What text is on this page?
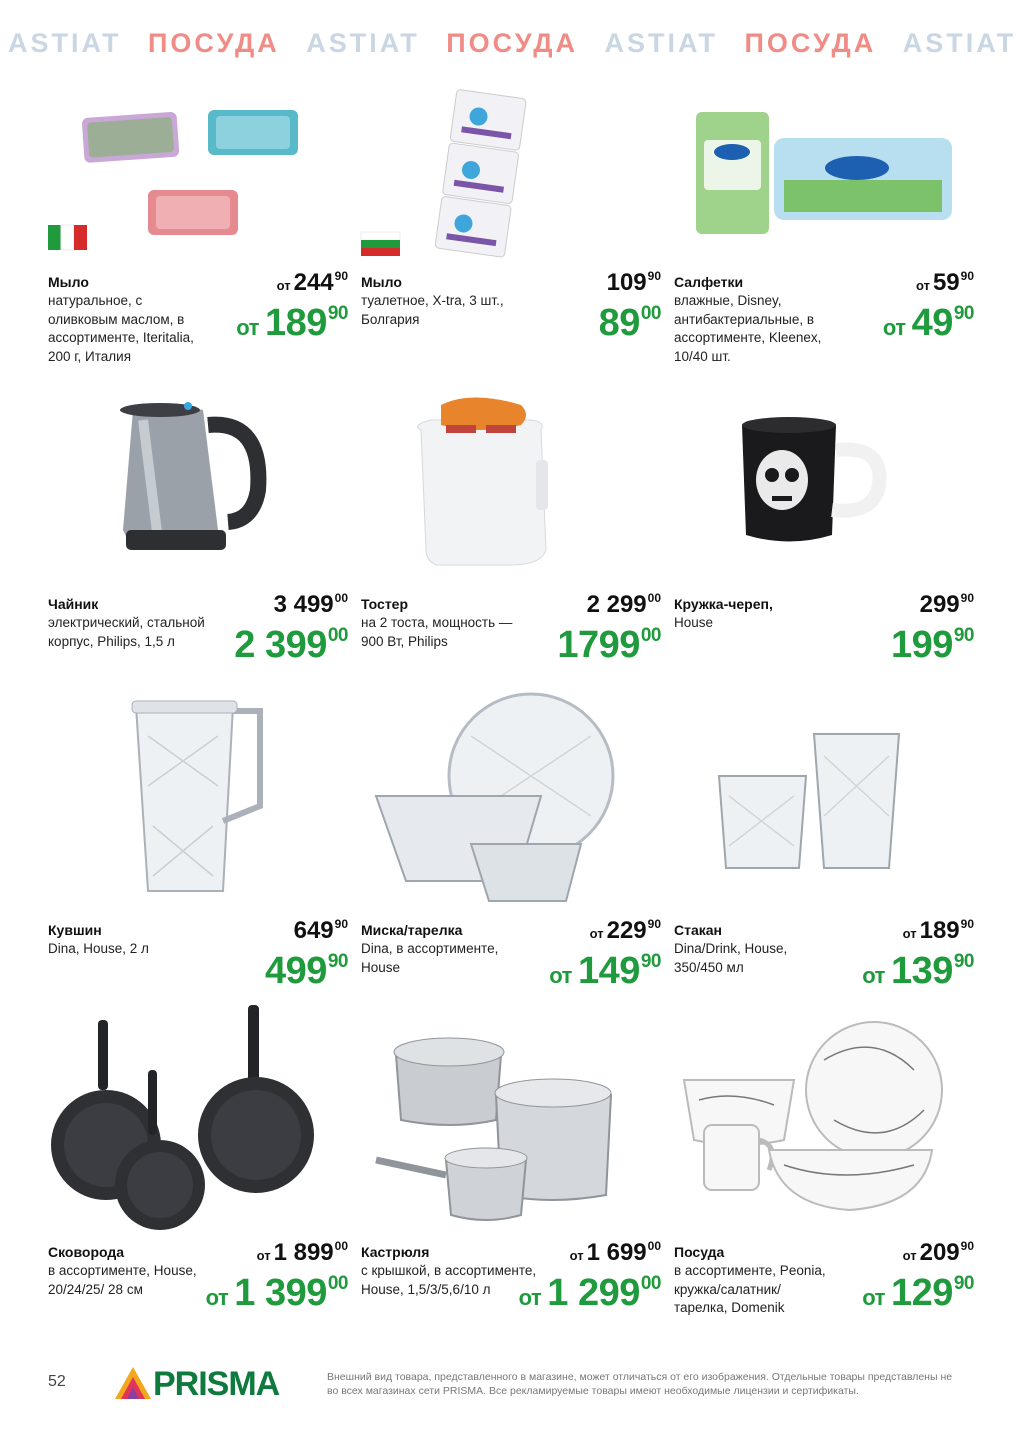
ASTIAT ПОСУДА ASTIAT ПОСУДА ASTIAT ПОСУДА ASTIAT
Мыло
натуральное, с оливковым маслом, в ассортименте, Iteritalia, 200 г, Италия
от $244^{90}$
от $189^{90}$
Мыло
туалетное, X-tra, 3 шт., Болгария
$109^{90}$
$89^{00}$
Салфетки
влажные, Disney, антибактериальные, в ассортименте, Kleenex, 10/40 шт.
от $59^{90}$
от $49^{90}$
Чайник
электрический, стальной корпус, Philips, 1,5 л
3 $499^{00}$
2 $399^{00}$
Тостер
на 2 тоста, мощность — 900 Вт, Philips
2 $299^{00}$
1799$^{00}$
Кружка-череп,
House
$299^{90}$
$199^{90}$
Кувшин
Dina, House, 2 л
$649^{90}$
$499^{90}$
Миска/тарелка
Dina, в ассортименте, House
от $229^{90}$
от $149^{90}$
Стакан
Dina/Drink, House, 350/450 мл
от $189^{90}$
от $139^{90}$
Сковорода
в ассортименте, House, 20/24/25/ 28 см
от 1 $899^{00}$
от 1 $399^{00}$
Кастрюля
с крышкой, в ассортименте, House, 1,5/3/5,6/10 л
от 1 $699^{00}$
от 1 $299^{00}$
Посуда
в ассортименте, Peonia, кружка/салатник/ тарелка, Domenik
от $209^{90}$
от $129^{90}$
52	PRISMA	Внешний вид товара, представленного в магазине, может отличаться от его изображения. Отдельные товары представлены не во всех магазинах сети PRISMA. Все рекламируемые товары имеют необходимые лицензии и сертификаты.
